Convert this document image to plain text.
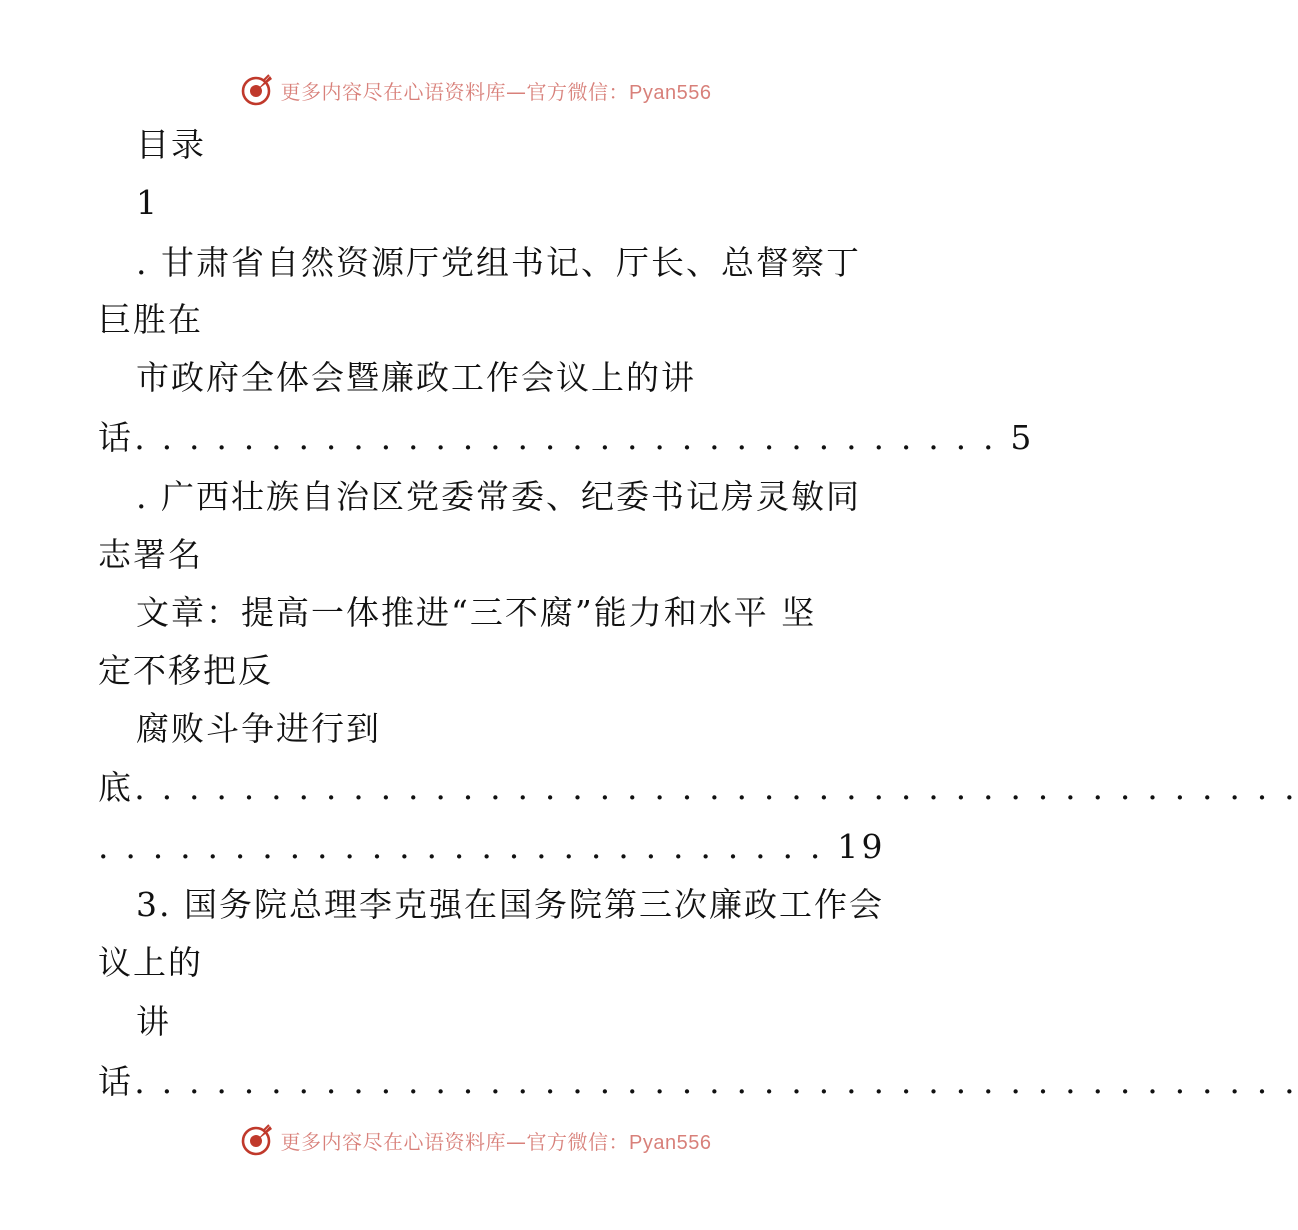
更多内容尽在心语资料库—官方微信：Pyan556
目录
1
. 甘肃省自然资源厅党组书记、厅长、总督察丁
巨胜在
市政府全体会暨廉政工作会议上的讲
话. . . . . . . . . . . . . . . . . . . . . . . . . . . . . . . . 5
. 广西壮族自治区党委常委、纪委书记房灵敏同
志署名
文章：提高一体推进“三不腐”能力和水平 坚
定不移把反
腐败斗争进行到
底. . . . . . . . . . . . . . . . . . . . . . . . . . . . . . . . . . . . . . . . . . .
. . . . . . . . . . . . . . . . . . . . . . . . . . . 19
3. 国务院总理李克强在国务院第三次廉政工作会
议上的
讲
话. . . . . . . . . . . . . . . . . . . . . . . . . . . . . . . . . . . . . . . . . . .
更多内容尽在心语资料库—官方微信：Pyan556
